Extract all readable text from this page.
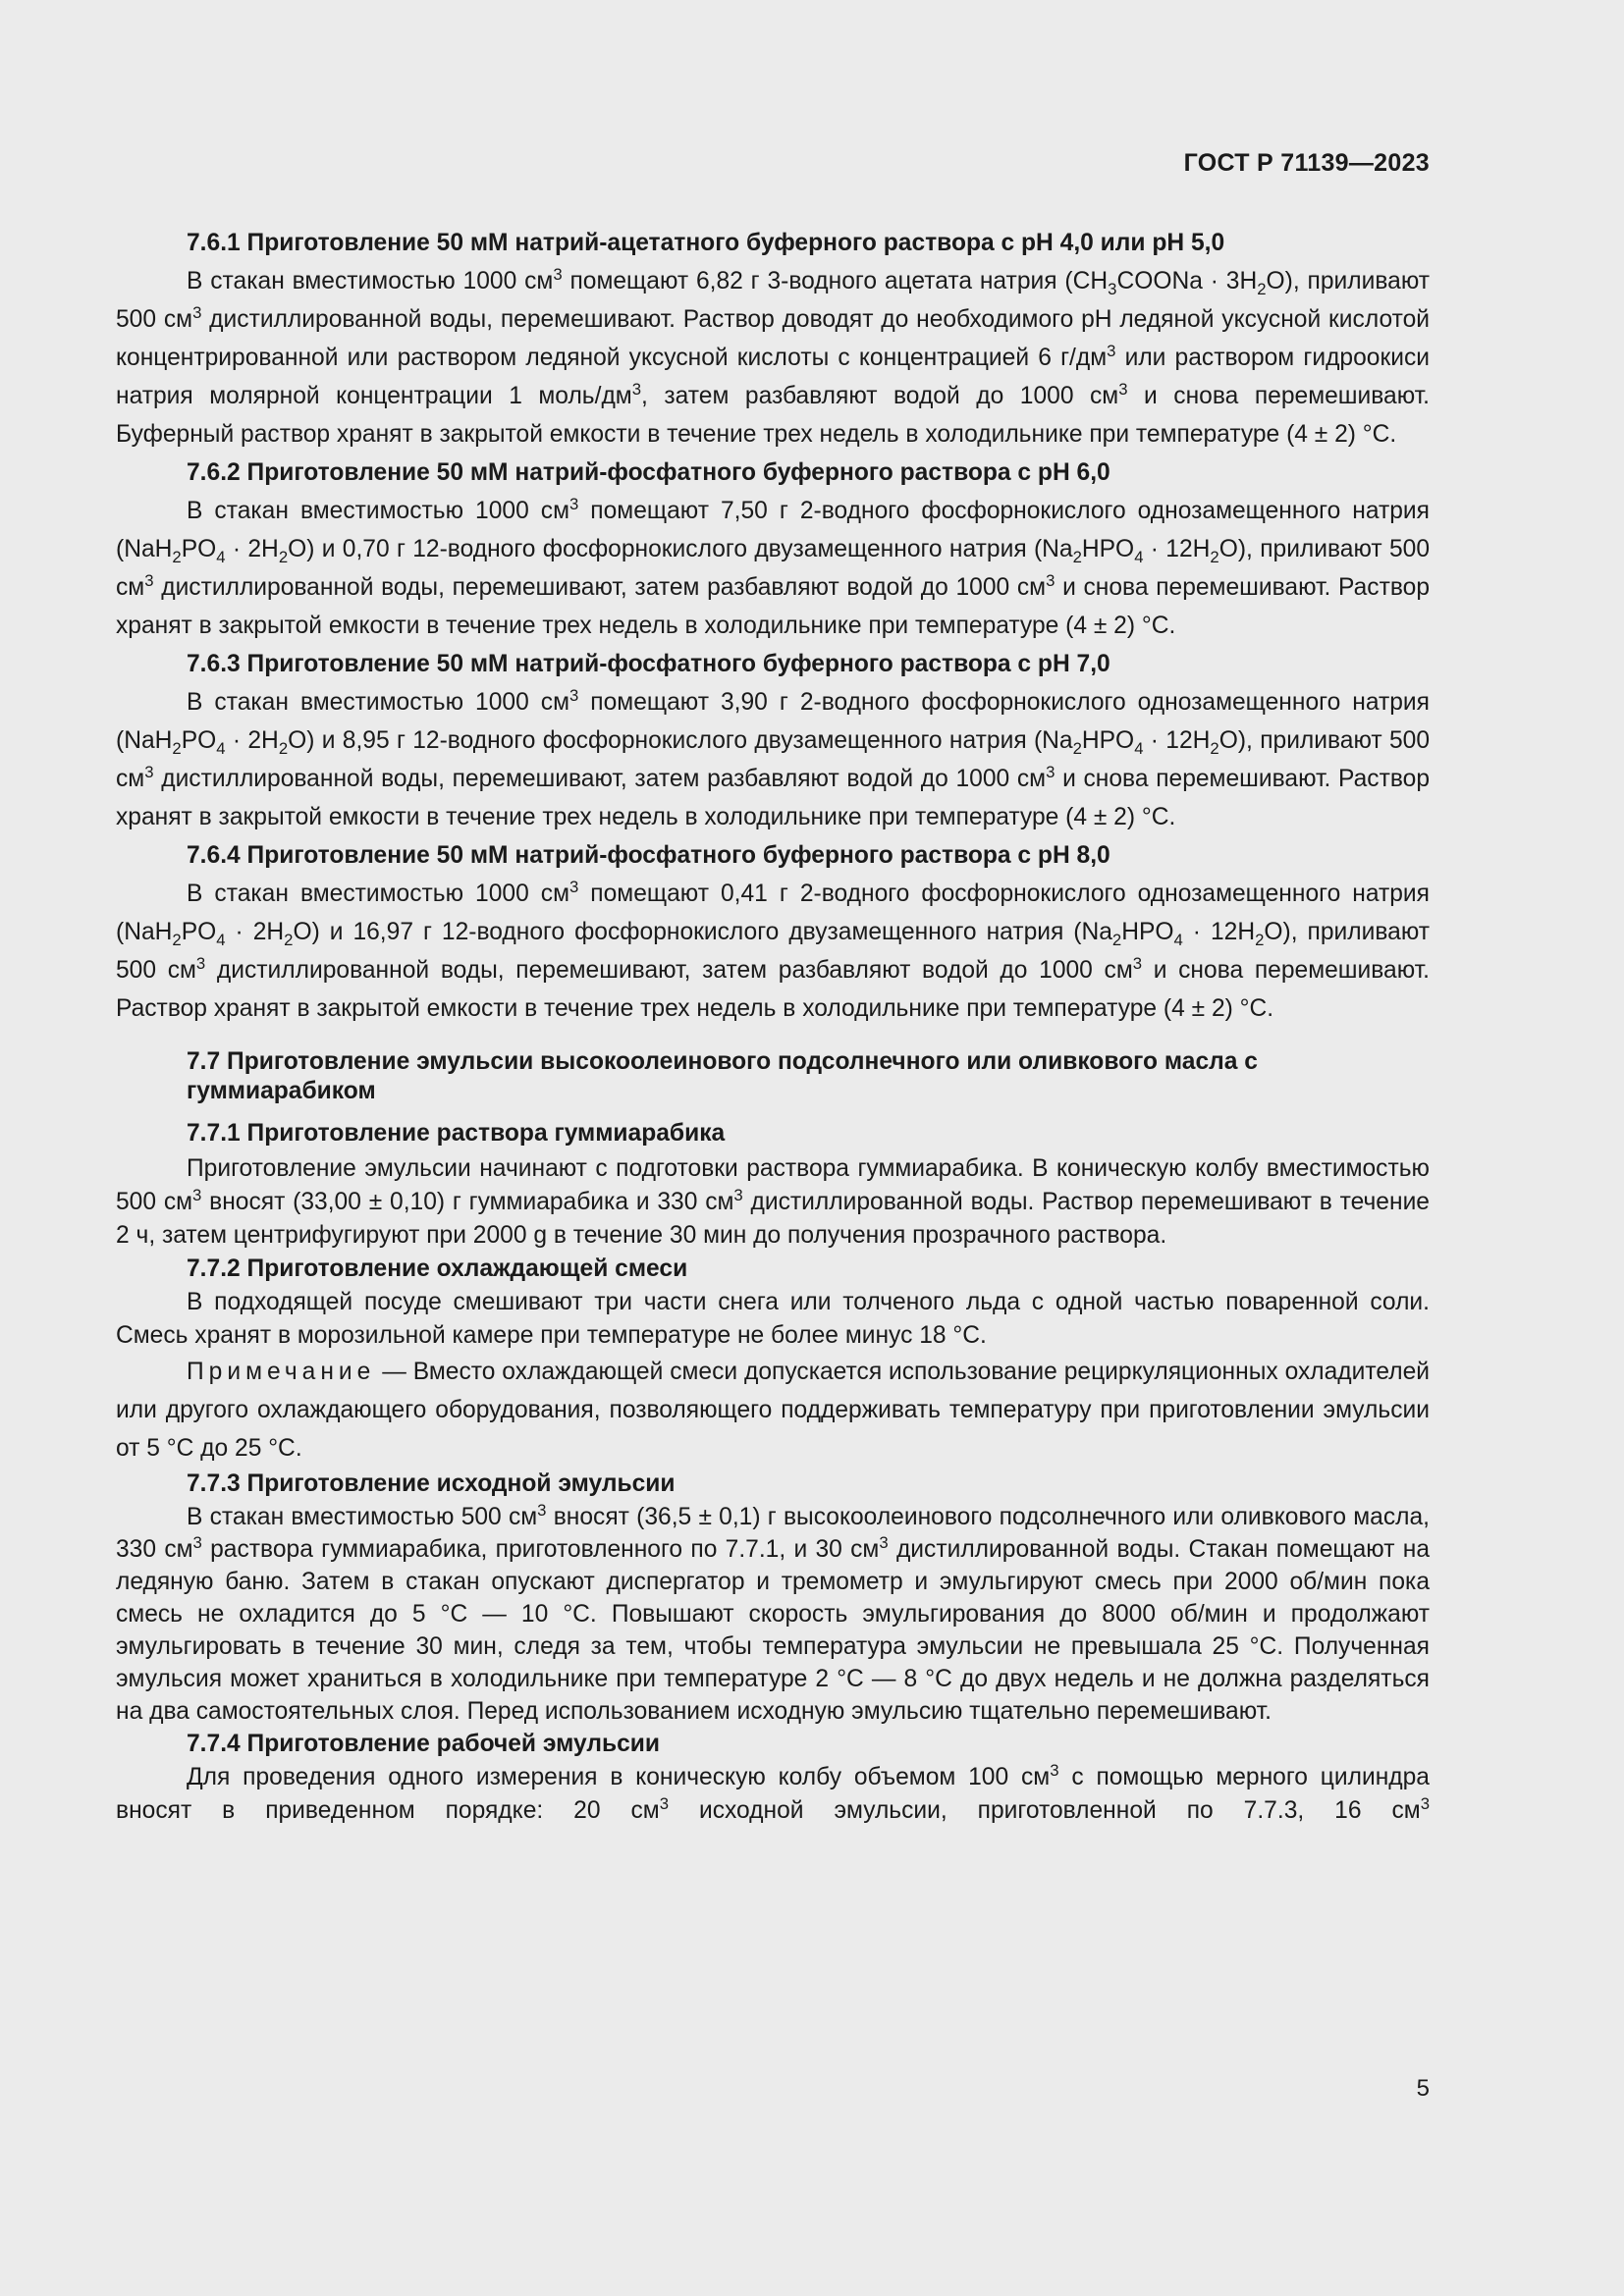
ГОСТ Р 71139—2023
7.6.1 Приготовление 50 мМ натрий-ацетатного буферного раствора с pH 4,0 или pH 5,0

В стакан вместимостью 1000 $см^3$ помещают 6,82 г 3-водного ацетата натрия $(CH_3COONa \cdot 3H_2O)$, приливают 500 $см^3$ дистиллированной воды, перемешивают. Раствор доводят до необходимого pH ледяной уксусной кислотой концентрированной или раствором ледяной уксусной кислоты с концентрацией 6 $г/дм^3$ или раствором гидроокиси натрия молярной концентрации 1 моль/$дм^3$, затем разбавляют водой до 1000 $см^3$ и снова перемешивают. Буферный раствор хранят в закрытой емкости в течение трех недель в холодильнике при температуре (4 ± 2) °C.

7.6.2 Приготовление 50 мМ натрий-фосфатного буферного раствора с pH 6,0

В стакан вместимостью 1000 $см^3$ помещают 7,50 г 2-водного фосфорнокислого однозамещенного натрия $(NaH_2PO_4 \cdot 2H_2O)$ и 0,70 г 12-водного фосфорнокислого двузамещенного натрия $(Na_2HPO_4 \cdot 12H_2O)$, приливают 500 $см^3$ дистиллированной воды, перемешивают, затем разбавляют водой до 1000 $см^3$ и снова перемешивают. Раствор хранят в закрытой емкости в течение трех недель в холодильнике при температуре (4 ± 2) °C.

7.6.3 Приготовление 50 мМ натрий-фосфатного буферного раствора с pH 7,0

В стакан вместимостью 1000 $см^3$ помещают 3,90 г 2-водного фосфорнокислого однозамещенного натрия $(NaH_2PO_4 \cdot 2H_2O)$ и 8,95 г 12-водного фосфорнокислого двузамещенного натрия $(Na_2HPO_4 \cdot 12H_2O)$, приливают 500 $см^3$ дистиллированной воды, перемешивают, затем разбавляют водой до 1000 $см^3$ и снова перемешивают. Раствор хранят в закрытой емкости в течение трех недель в холодильнике при температуре (4 ± 2) °C.

7.6.4 Приготовление 50 мМ натрий-фосфатного буферного раствора с pH 8,0

В стакан вместимостью 1000 $см^3$ помещают 0,41 г 2-водного фосфорнокислого однозамещенного натрия $(NaH_2PO_4 \cdot 2H_2O)$ и 16,97 г 12-водного фосфорнокислого двузамещенного натрия $(Na_2HPO_4 \cdot 12H_2O)$, приливают 500 $см^3$ дистиллированной воды, перемешивают, затем разбавляют водой до 1000 $см^3$ и снова перемешивают. Раствор хранят в закрытой емкости в течение трех недель в холодильнике при температуре (4 ± 2) °C.

7.7 Приготовление эмульсии высокоолеинового подсолнечного или оливкового масла с гуммиарабиком
7.7.1 Приготовление раствора гуммиарабика

Приготовление эмульсии начинают с подготовки раствора гуммиарабика. В коническую колбу вместимостью 500 $см^3$ вносят (33,00 ± 0,10) г гуммиарабика и 330 $см^3$ дистиллированной воды. Раствор перемешивают в течение 2 ч, затем центрифугируют при 2000 g в течение 30 мин до получения прозрачного раствора.

7.7.2 Приготовление охлаждающей смеси

В подходящей посуде смешивают три части снега или толченого льда с одной частью поваренной соли. Смесь хранят в морозильной камере при температуре не более минус 18 °C.

Примечание — Вместо охлаждающей смеси допускается использование рециркуляционных охладителей или другого охлаждающего оборудования, позволяющего поддерживать температуру при приготовлении эмульсии от 5 °C до 25 °C.

7.7.3 Приготовление исходной эмульсии

В стакан вместимостью 500 $см^3$ вносят (36,5 ± 0,1) г высокоолеинового подсолнечного или оливкового масла, 330 $см^3$ раствора гуммиарабика, приготовленного по 7.7.1, и 30 $см^3$ дистиллированной воды. Стакан помещают на ледяную баню. Затем в стакан опускают диспергатор и тремометр и эмульгируют смесь при 2000 об/мин пока смесь не охладится до 5 °C — 10 °C. Повышают скорость эмульгирования до 8000 об/мин и продолжают эмульгировать в течение 30 мин, следя за тем, чтобы температура эмульсии не превышала 25 °C. Полученная эмульсия может храниться в холодильнике при температуре 2 °C — 8 °C до двух недель и не должна разделяться на два самостоятельных слоя. Перед использованием исходную эмульсию тщательно перемешивают.

7.7.4 Приготовление рабочей эмульсии

Для проведения одного измерения в коническую колбу объемом 100 $см^3$ с помощью мерного цилиндра вносят в приведенном порядке: 20 $см^3$ исходной эмульсии, приготовленной по 7.7.3, 16 $см^3$

5
